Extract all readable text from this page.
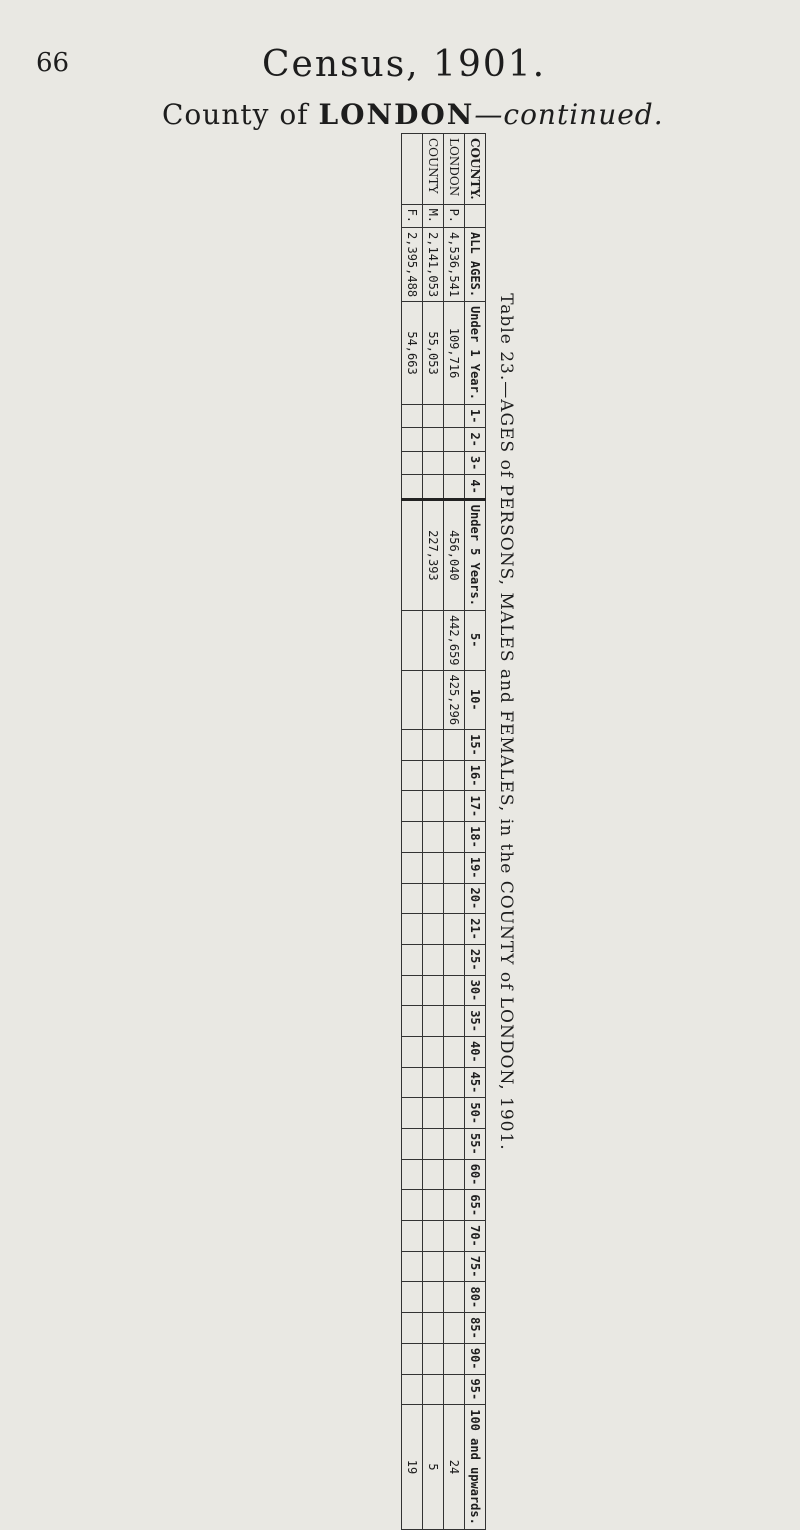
66	Census, 1901.
County of LONDON—continued.
Table 23.—AGES of PERSONS, MALES and FEMALES, in the COUNTY of LONDON, 1901.
COUNTY.		ALL AGES.	Under 1 Year.	1-	2-	3-	4-	Under 5 Years.	5-	10-	15-	16-	17-	18-	19-	20-	21-	25-	30-	35-	40-	45-	50-	55-	60-	65-	70-	75-	80-	85-	90-	95-	100 and upwards.
LONDON	P.	4,536,541	109,716					456,040	442,659	425,296																							24
COUNTY	M.	2,141,053	55,053					227,393																									5
	F.	2,395,488	54,663																														19
